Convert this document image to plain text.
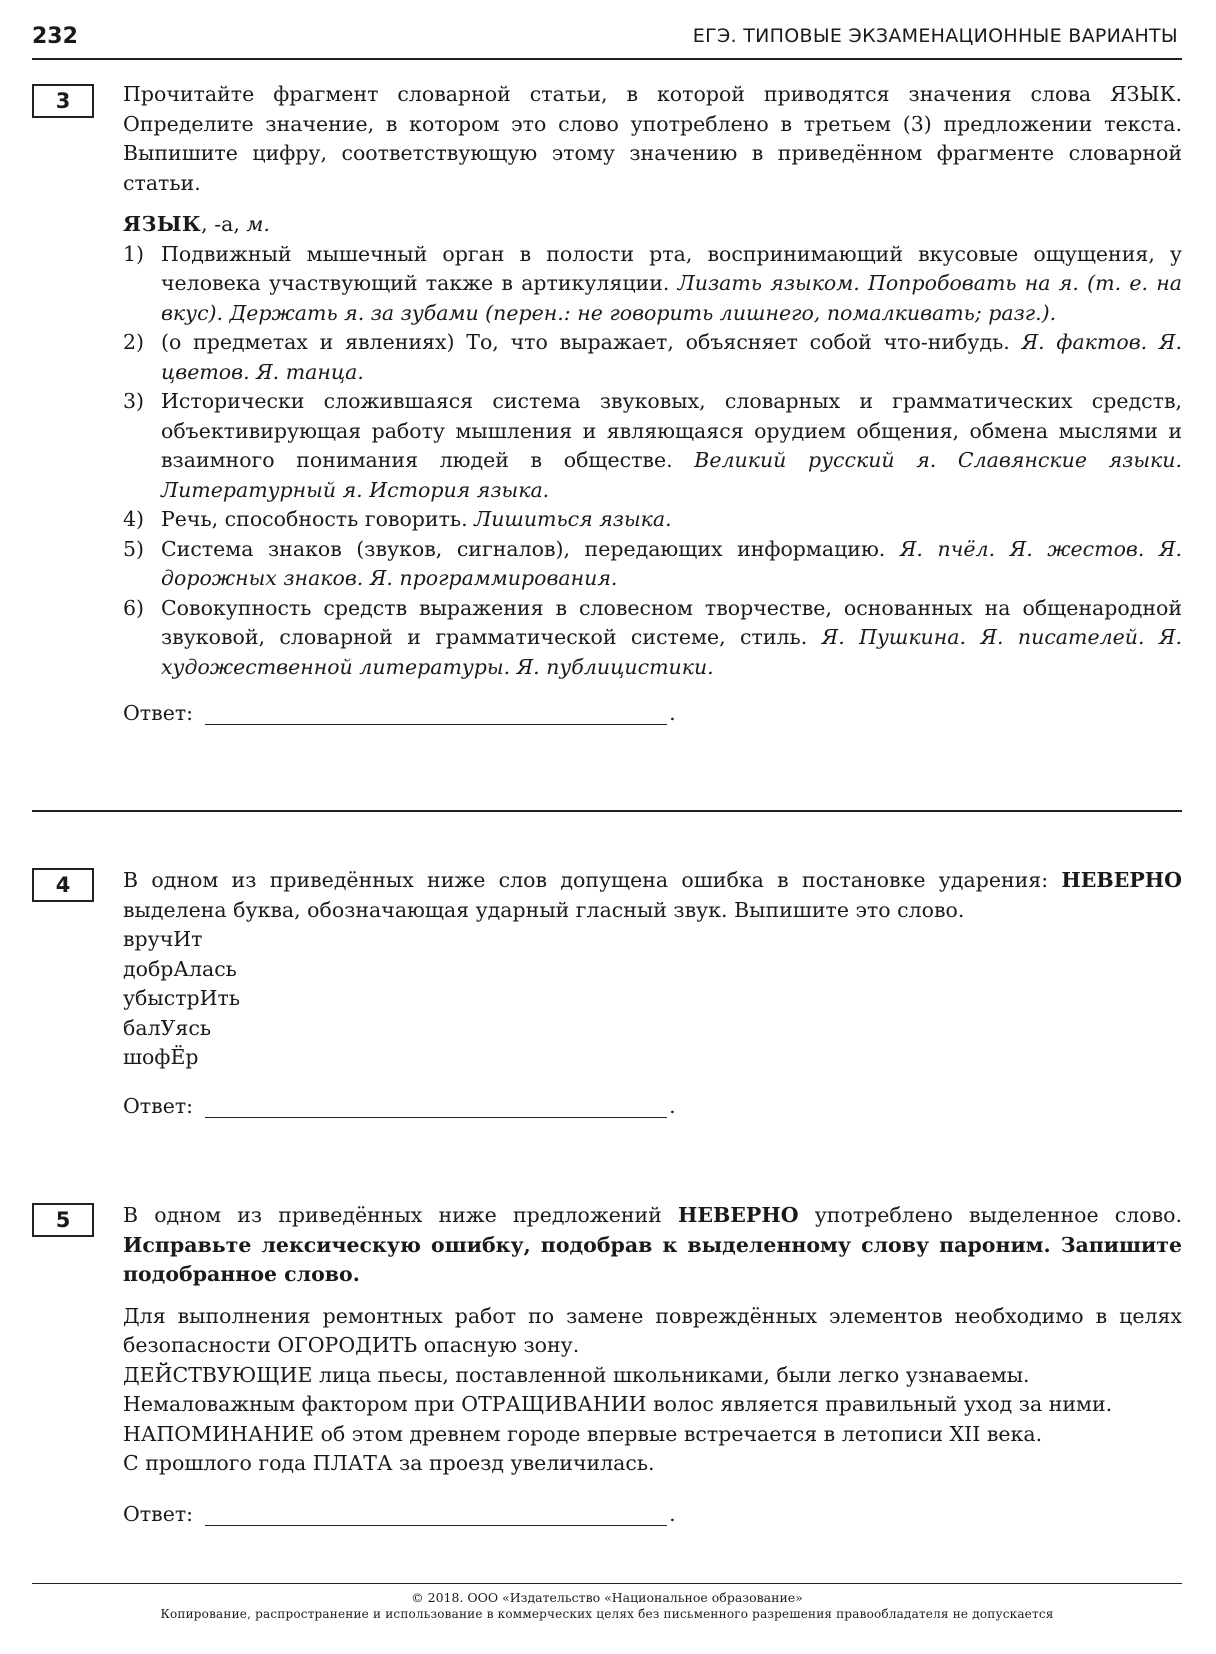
232	ЕГЭ. ТИПОВЫЕ ЭКЗАМЕНАЦИОННЫЕ ВАРИАНТЫ
3	Прочитайте фрагмент словарной статьи, в которой приводятся значения слова ЯЗЫК. Определите значение, в котором это слово употреблено в третьем (3) предложении текста. Выпишите цифру, соответствующую этому значению в приведённом фрагменте словарной статьи.

ЯЗЫК, -а, м.

1) Подвижный мышечный орган в полости рта, воспринимающий вкусовые ощущения, у человека участвующий также в артикуляции. Лизать языком. Попробовать на я. (т. е. на вкус). Держать я. за зубами (перен.: не говорить лишнего, помалкивать; разг.).
2) (о предметах и явлениях) То, что выражает, объясняет собой что-нибудь. Я. фактов. Я. цветов. Я. танца.
3) Исторически сложившаяся система звуковых, словарных и грамматических средств, объективирующая работу мышления и являющаяся орудием общения, обмена мыслями и взаимного понимания людей в обществе. Великий русский я. Славянские языки. Литературный я. История языка.
4) Речь, способность говорить. Лишиться языка.
5) Система знаков (звуков, сигналов), передающих информацию. Я. пчёл. Я. жестов. Я. дорожных знаков. Я. программирования.
6) Совокупность средств выражения в словесном творчестве, основанных на общенародной звуковой, словарной и грамматической системе, стиль. Я. Пушкина. Я. писателей. Я. художественной литературы. Я. публицистики.
Ответ:	.
4	В одном из приведённых ниже слов допущена ошибка в постановке ударения: НЕВЕРНО выделена буква, обозначающая ударный гласный звук. Выпишите это слово.

вручИт
добрАлась
убыстрИть
балУясь
шофЁр
Ответ:	.
5	В одном из приведённых ниже предложений НЕВЕРНО употреблено выделенное слово. Исправьте лексическую ошибку, подобрав к выделенному слову пароним. Запишите подобранное слово.

Для выполнения ремонтных работ по замене повреждённых элементов необходимо в целях безопасности ОГОРОДИТЬ опасную зону.

ДЕЙСТВУЮЩИЕ лица пьесы, поставленной школьниками, были легко узнаваемы.

Немаловажным фактором при ОТРАЩИВАНИИ волос является правильный уход за ними.

НАПОМИНАНИЕ об этом древнем городе впервые встречается в летописи XII века.

С прошлого года ПЛАТА за проезд увеличилась.

Ответ:	.
© 2018. ООО «Издательство «Национальное образование»
Копирование, распространение и использование в коммерческих целях без письменного разрешения правообладателя не допускается
